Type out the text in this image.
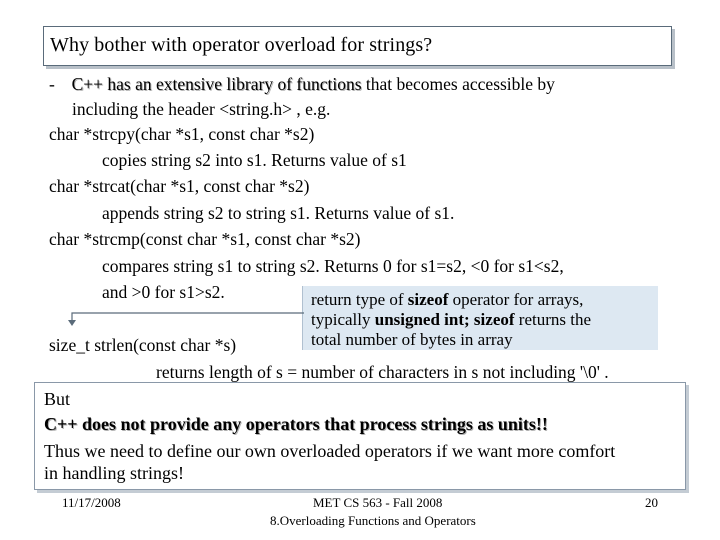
Why bother with operator overload for strings?
- C++ has an extensive library of functions that becomes accessible by
including the header <string.h> , e.g.
char *strcpy(char *s1, const char *s2)
copies string s2 into s1. Returns value of s1
char *strcat(char *s1, const char *s2)
appends string s2 to string s1. Returns value of s1.
char *strcmp(const char *s1, const char *s2)
compares string s1 to string s2. Returns 0 for s1=s2, <0 for s1<s2,
and >0 for s1>s2.	return type of sizeof operator for arrays,
typically unsigned int; sizeof returns the
total number of bytes in array
size_t strlen(const char *s)
returns length of s = number of characters in s not including '\0' .
But
C++ does not provide any operators that process strings as units!!
Thus we need to define our own overloaded operators if we want more comfort
in handling strings!
11/17/2008	MET CS 563 - Fall 2008
8.Overloading Functions and Operators
20
